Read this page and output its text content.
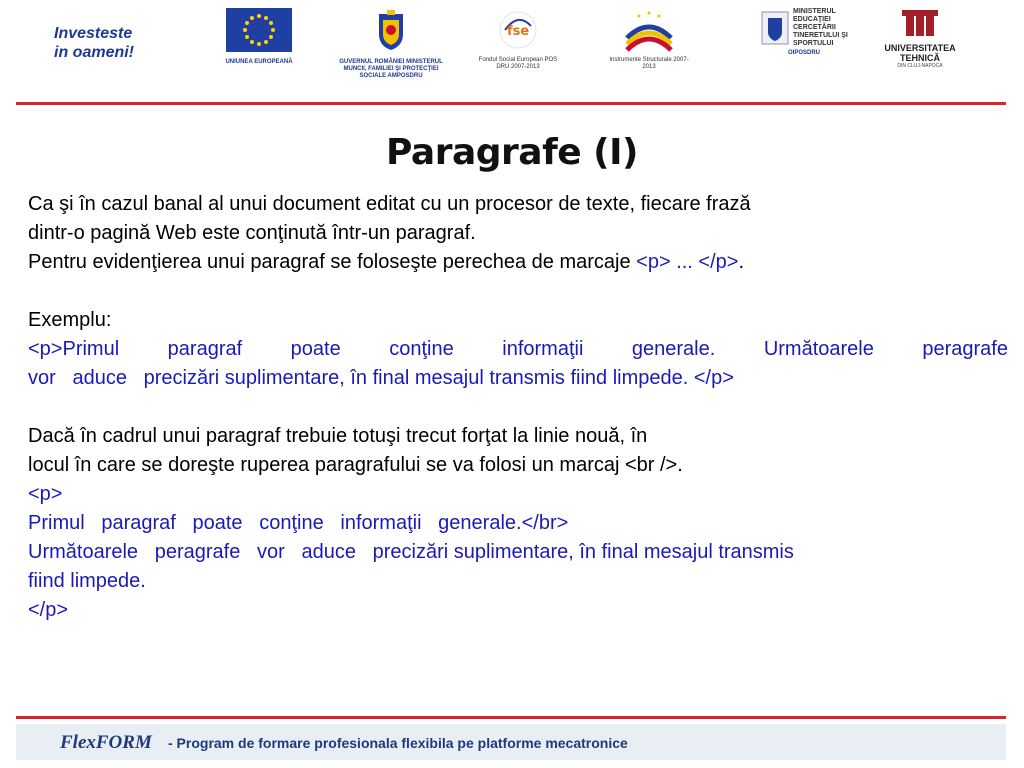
Investeste
in oameni!
UNIUNEA EUROPEANĂ	GUVERNUL ROMÂNIEI MINISTERUL MUNCII, FAMILIEI ŞI PROTECŢIEI SOCIALE AMPOSDRU
fse
Fondul Social European POS DRU 2007-2013
Instrumente Structurale 2007-2013
MINISTERUL EDUCAŢIEI CERCETĂRII TINERETULUI ŞI SPORTULUI
OIPOSDRU	UNIVERSITATEA TEHNICĂ
DIN CLUJ-NAPOCA
Paragrafe (I)

Ca şi în cazul banal al unui document editat cu un procesor de texte, fiecare frază

dintr-o pagină Web este conţinută într-un paragraf.

Pentru evidenţierea unui paragraf se foloseşte perechea de marcaje <p> ... </p>.

Exemplu:

<p>Primul paragraf poate conţine informaţii generale. Următoarele peragrafe

vor   aduce   precizări suplimentare, în final mesajul transmis fiind limpede. </p>

Dacă în cadrul unui paragraf trebuie totuşi trecut forţat la linie nouă, în

locul în care se doreşte ruperea paragrafului se va folosi un marcaj <br />.

<p>

Primul   paragraf   poate   conţine   informaţii   generale.</br>

Următoarele   peragrafe   vor   aduce   precizări suplimentare, în final mesajul transmis

fiind limpede.

</p>

FlexFORM - Program de formare profesionala flexibila pe platforme mecatronice
